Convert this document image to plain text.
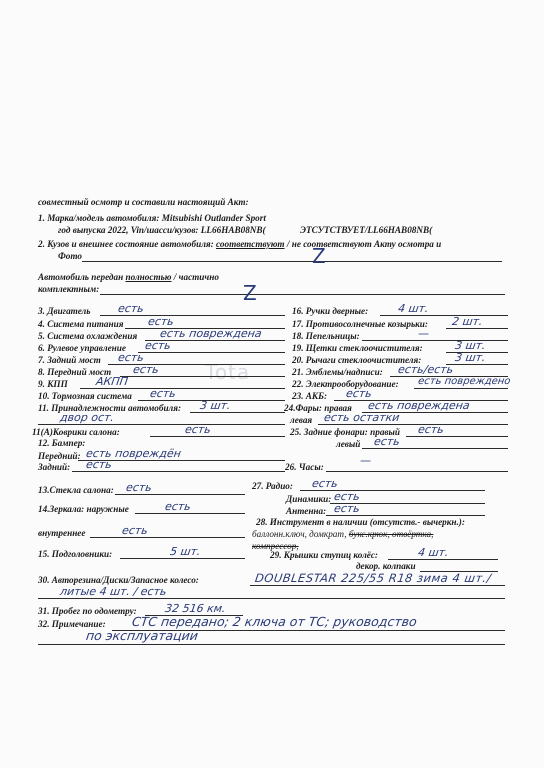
Tota
совместный осмотр и составили настоящий Акт:
1. Марка/модель автомобиля: Mitsubishi Outlander Sport
год выпуска 2022, Vin/шасси/кузов: LL66HAB08NB(	ЭТСУТСТВУЕТ/LL66HAB08NB(
2. Кузов и внешнее состояние автомобиля: соответствуют / не соответствуют Акту осмотра и
Фото	Z
Автомобиль передан полностью / частично
комплектным:	Z
3. Двигатель есть
4. Система питания есть
5. Система охлаждения есть повреждена
6. Рулевое управление есть
7. Задний мост есть
8. Передний мост есть
9. КПП АКПП
10. Тормозная система есть
11. Принадлежности автомобиля: 3 шт.
двор ост.
11(А)Коврики салона:	есть
16. Ручки дверные:	4 шт.
17. Противосолнечные козырьки: 2 шт.
18. Пепельницы:	—
19. Щетки стеклоочистителя:	3 шт.
20. Рычаги стеклоочистителя:	3 шт.
21. Эмблемы/надписи: есть/есть
22. Электрооборудование: есть повреждено
23. АКБ: есть
24.Фары: правая есть повреждена
левая есть остатки
25. Задние фонари: правый есть
левый есть
12. Бампер:
Передний: есть повреждён
Задний: есть	26. Часы:	—
13.Стекла салона: есть	27. Радио: есть
Динамики: есть
Антенна: есть
14.Зеркала: наружные	есть
внутреннее	есть
28. Инструмент в наличии (отсутств.- вычеркн.):
баллонн.ключ, домкрат, букс.крюк, отвёртка,
компрессор,
15. Подголовники:	5 шт.	29. Крышки ступиц колёс:	4 шт.
декор. колпаки
30. Авторезина/Диски/Запасное колесо:	DOUBLESTAR 225/55 R18 зима 4 шт./
литые 4 шт. / есть
31. Пробег по одометру:	32 516 км.
32. Примечание: СТС передано; 2 ключа от ТС; руководство
по эксплуатации
